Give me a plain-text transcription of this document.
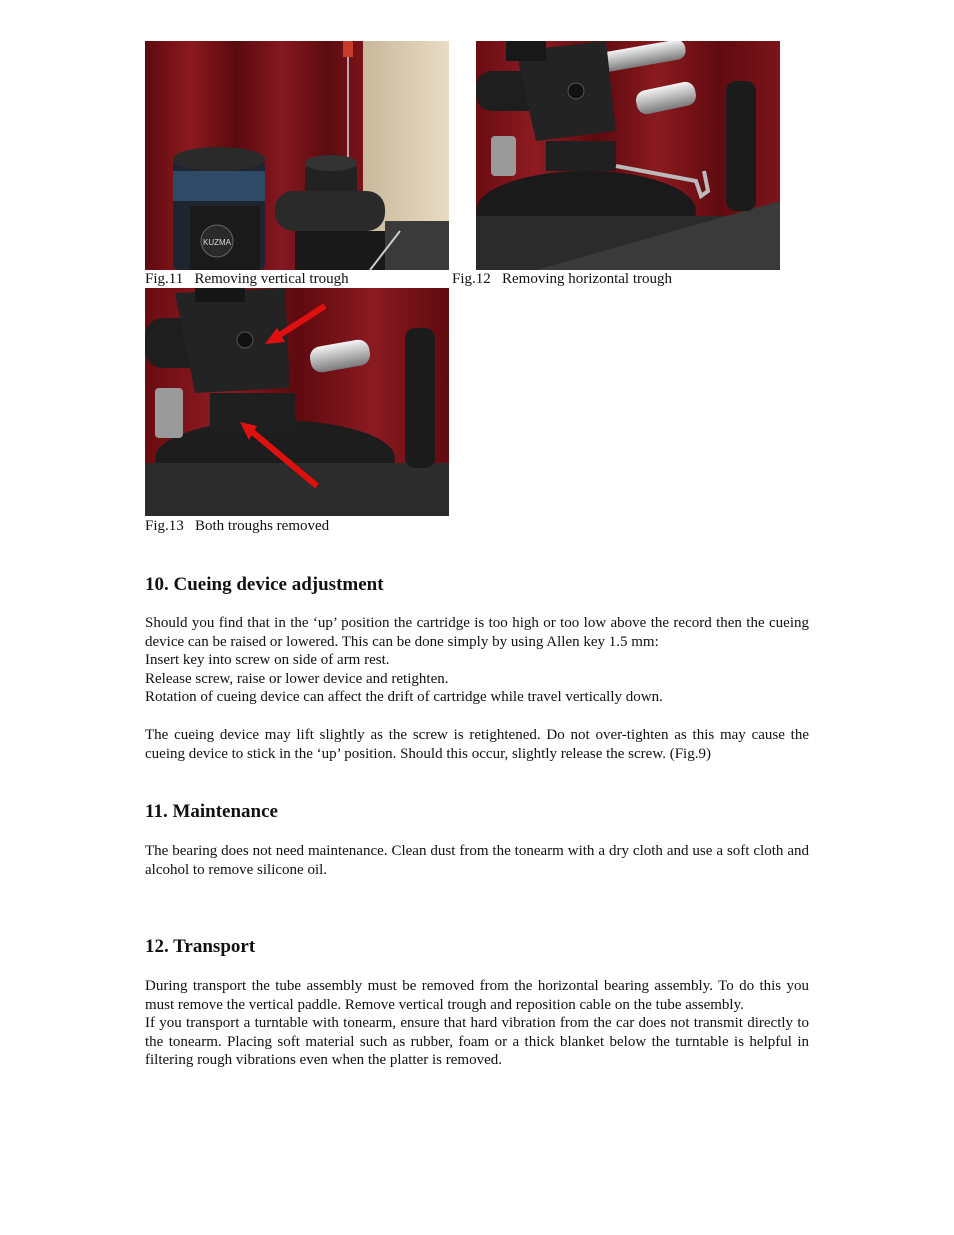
KUZMA
Fig.11   Removing vertical trough	Fig.12   Removing horizontal trough
Fig.13   Both troughs removed
10. Cueing device adjustment

Should you find that in the ‘up’ position the cartridge is too high or too low above the record then the cueing device can be raised or lowered. This can be done simply by using Allen key 1.5 mm:
Insert key into screw on side of arm rest.
Release screw, raise or lower device and retighten.
Rotation of cueing device can affect the drift of cartridge while travel vertically down.

The cueing device may lift slightly as the screw is retightened. Do not over-tighten as this may cause the cueing device to stick in the ‘up’ position. Should this occur, slightly release the screw. (Fig.9)

11. Maintenance

The bearing does not need maintenance. Clean dust from the tonearm with a dry cloth and use a soft cloth and alcohol to remove silicone oil.

12. Transport

During transport the tube assembly must be removed from the horizontal bearing assembly. To do this you must remove the vertical paddle. Remove vertical trough and reposition cable on the tube assembly.
If you transport a turntable with tonearm, ensure that hard vibration from the car does not transmit directly to the tonearm. Placing soft material such as rubber, foam or a thick blanket below the turntable is helpful in filtering rough vibrations even when the platter is removed.
